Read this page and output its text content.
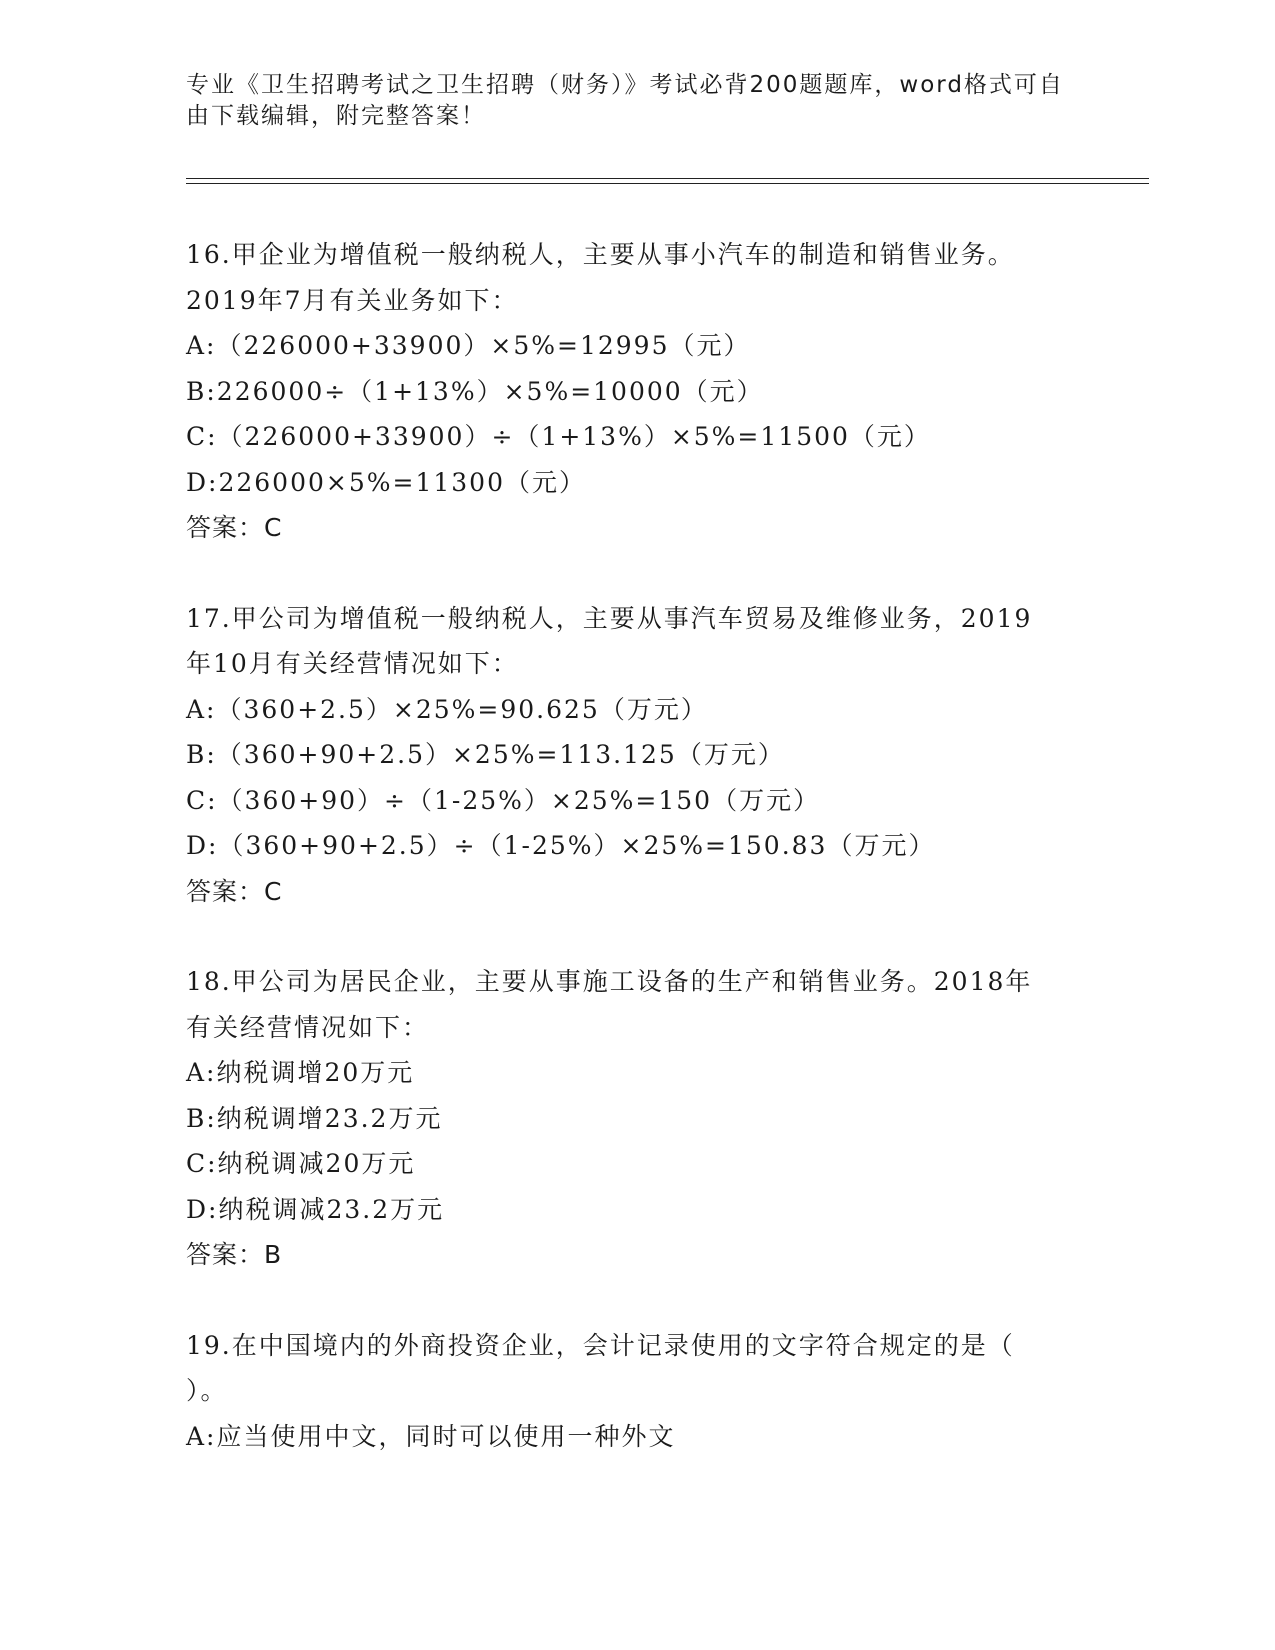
专业《卫生招聘考试之卫生招聘（财务）》考试必背200题题库，word格式可自
由下载编辑，附完整答案！
16.甲企业为增值税一般纳税人，主要从事小汽车的制造和销售业务。
2019年7月有关业务如下：
A:（226000+33900）×5%=12995（元）
B:226000÷（1+13%）×5%=10000（元）
C:（226000+33900）÷（1+13%）×5%=11500（元）
D:226000×5%=11300（元）
答案：C
17.甲公司为增值税一般纳税人，主要从事汽车贸易及维修业务，2019
年10月有关经营情况如下：
A:（360+2.5）×25%=90.625（万元）
B:（360+90+2.5）×25%=113.125（万元）
C:（360+90）÷（1-25%）×25%=150（万元）
D:（360+90+2.5）÷（1-25%）×25%=150.83（万元）
答案：C
18.甲公司为居民企业，主要从事施工设备的生产和销售业务。2018年
有关经营情况如下：
A:纳税调增20万元
B:纳税调增23.2万元
C:纳税调减20万元
D:纳税调减23.2万元
答案：B
19.在中国境内的外商投资企业，会计记录使用的文字符合规定的是（
）。
A:应当使用中文，同时可以使用一种外文
